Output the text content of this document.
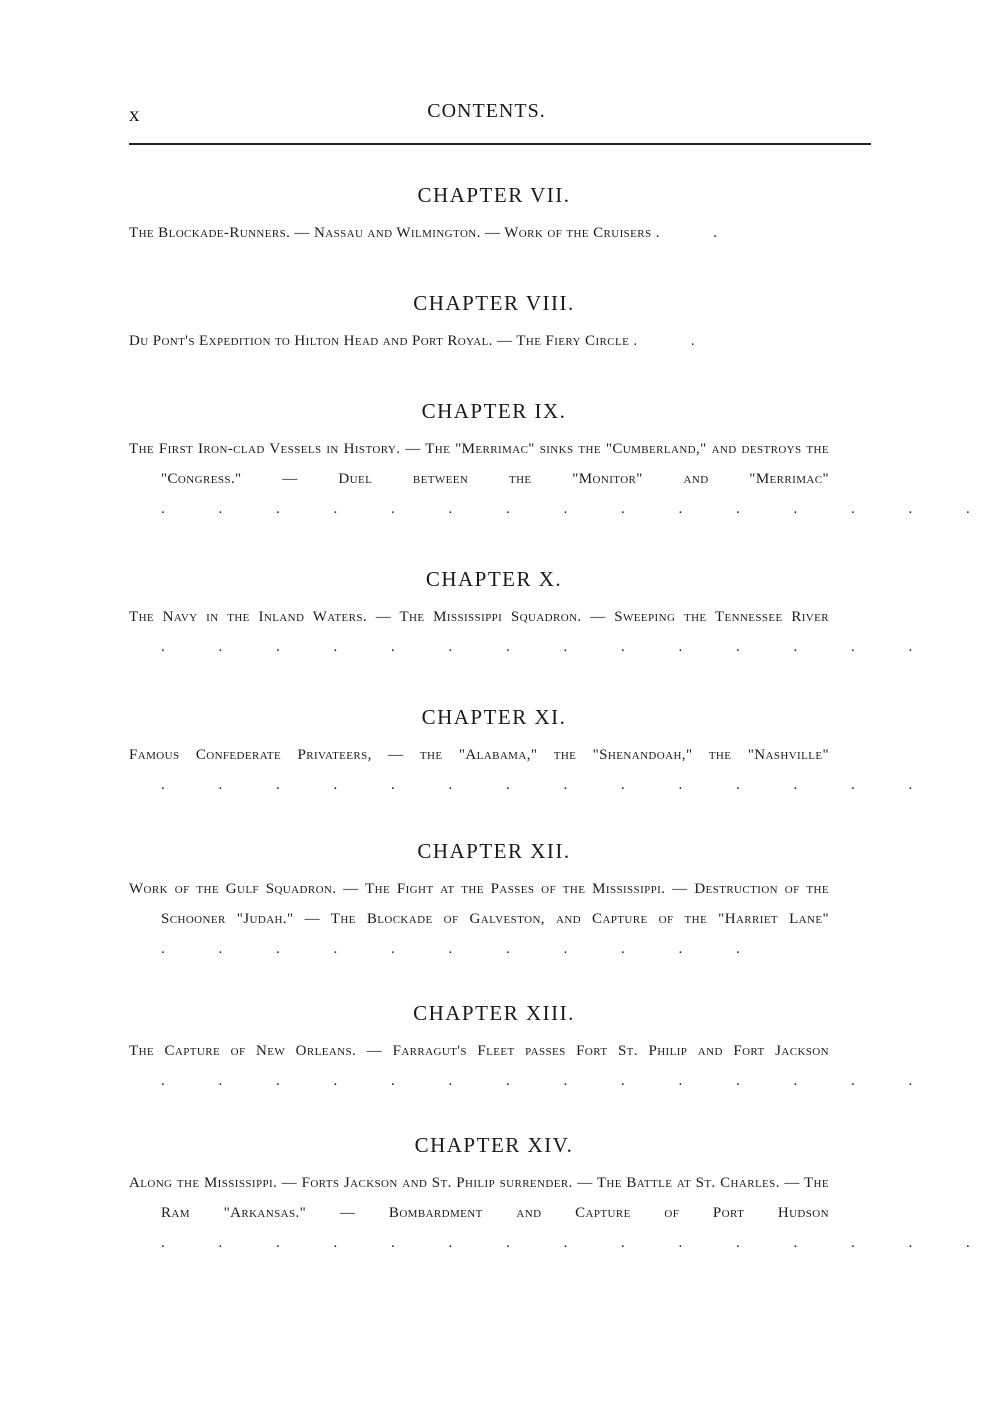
x	CONTENTS.
CHAPTER VII.
The Blockade-Runners. — Nassau and Wilmington. — Work of the Cruisers . .
CHAPTER VIII.
Du Pont's Expedition to Hilton Head and Port Royal. — The Fiery Circle . .
CHAPTER IX.
The First Iron-clad Vessels in History. — The "Merrimac" sinks the "Cumberland," and destroys the "Congress." — Duel between the "Monitor" and "Merrimac" . . . . . . . . . . . . . . .
CHAPTER X.
The Navy in the Inland Waters. — The Mississippi Squadron. — Sweeping the Tennessee River . . . . . . . . . . . . . .
CHAPTER XI.
Famous Confederate Privateers, — the "Alabama," the "Shenandoah," the "Nashville" . . . . . . . . . . . . . .
CHAPTER XII.
Work of the Gulf Squadron. — The Fight at the Passes of the Mississippi. — Destruction of the Schooner "Judah." — The Blockade of Galveston, and Capture of the "Harriet Lane" . . . . . . . . . . .
CHAPTER XIII.
The Capture of New Orleans. — Farragut's Fleet passes Fort St. Philip and Fort Jackson . . . . . . . . . . . . . .
CHAPTER XIV.
Along the Mississippi. — Forts Jackson and St. Philip surrender. — The Battle at St. Charles. — The Ram "Arkansas." — Bombardment and Capture of Port Hudson . . . . . . . . . . . . . . .
